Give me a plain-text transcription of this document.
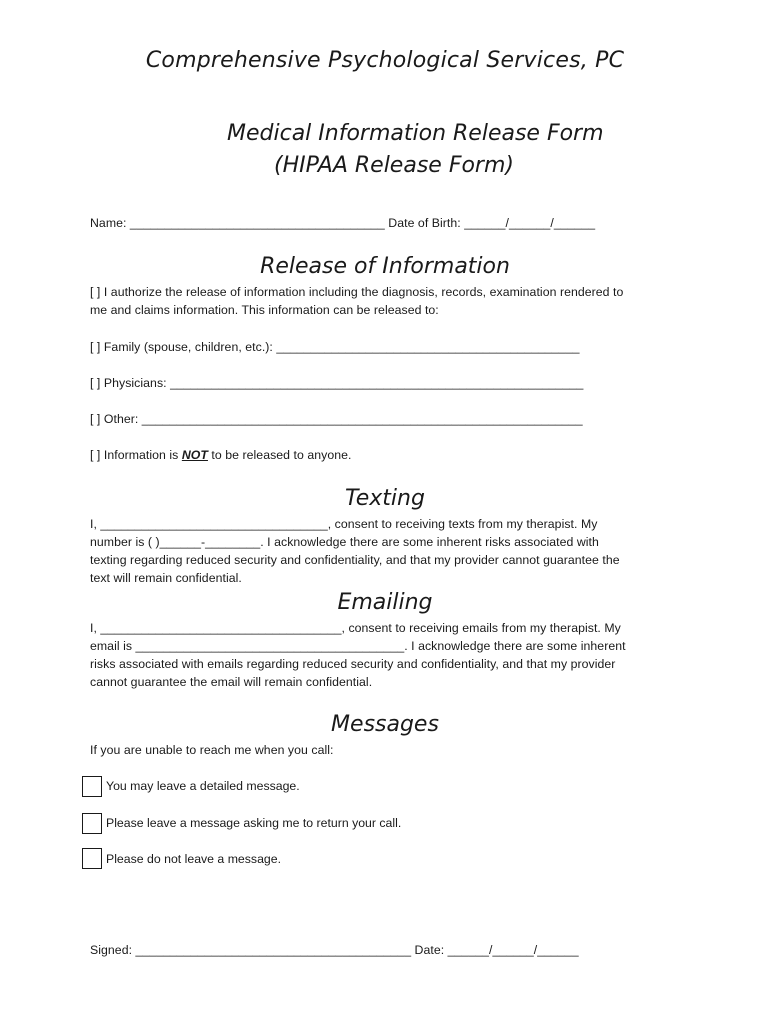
Comprehensive Psychological Services, PC
Medical Information Release Form
(HIPAA Release Form)
Name: _____________________________________ Date of Birth: ______/______/______
Release of Information
[ ] I authorize the release of information including the diagnosis, records, examination rendered to
me and claims information. This information can be released to:
[ ] Family (spouse, children, etc.): ____________________________________________
[ ] Physicians: ____________________________________________________________
[ ] Other: ________________________________________________________________
[ ] Information is NOT to be released to anyone.
Texting
I, _________________________________, consent to receiving texts from my therapist. My
number is ( )______-________. I acknowledge there are some inherent risks associated with
texting regarding reduced security and confidentiality, and that my provider cannot guarantee the
text will remain confidential.
Emailing
I, ___________________________________, consent to receiving emails from my therapist. My
email is _______________________________________. I acknowledge there are some inherent
risks associated with emails regarding reduced security and confidentiality, and that my provider
cannot guarantee the email will remain confidential.
Messages
If you are unable to reach me when you call:
You may leave a detailed message.
Please leave a message asking me to return your call.
Please do not leave a message.
Signed: ________________________________________ Date: ______/______/______
